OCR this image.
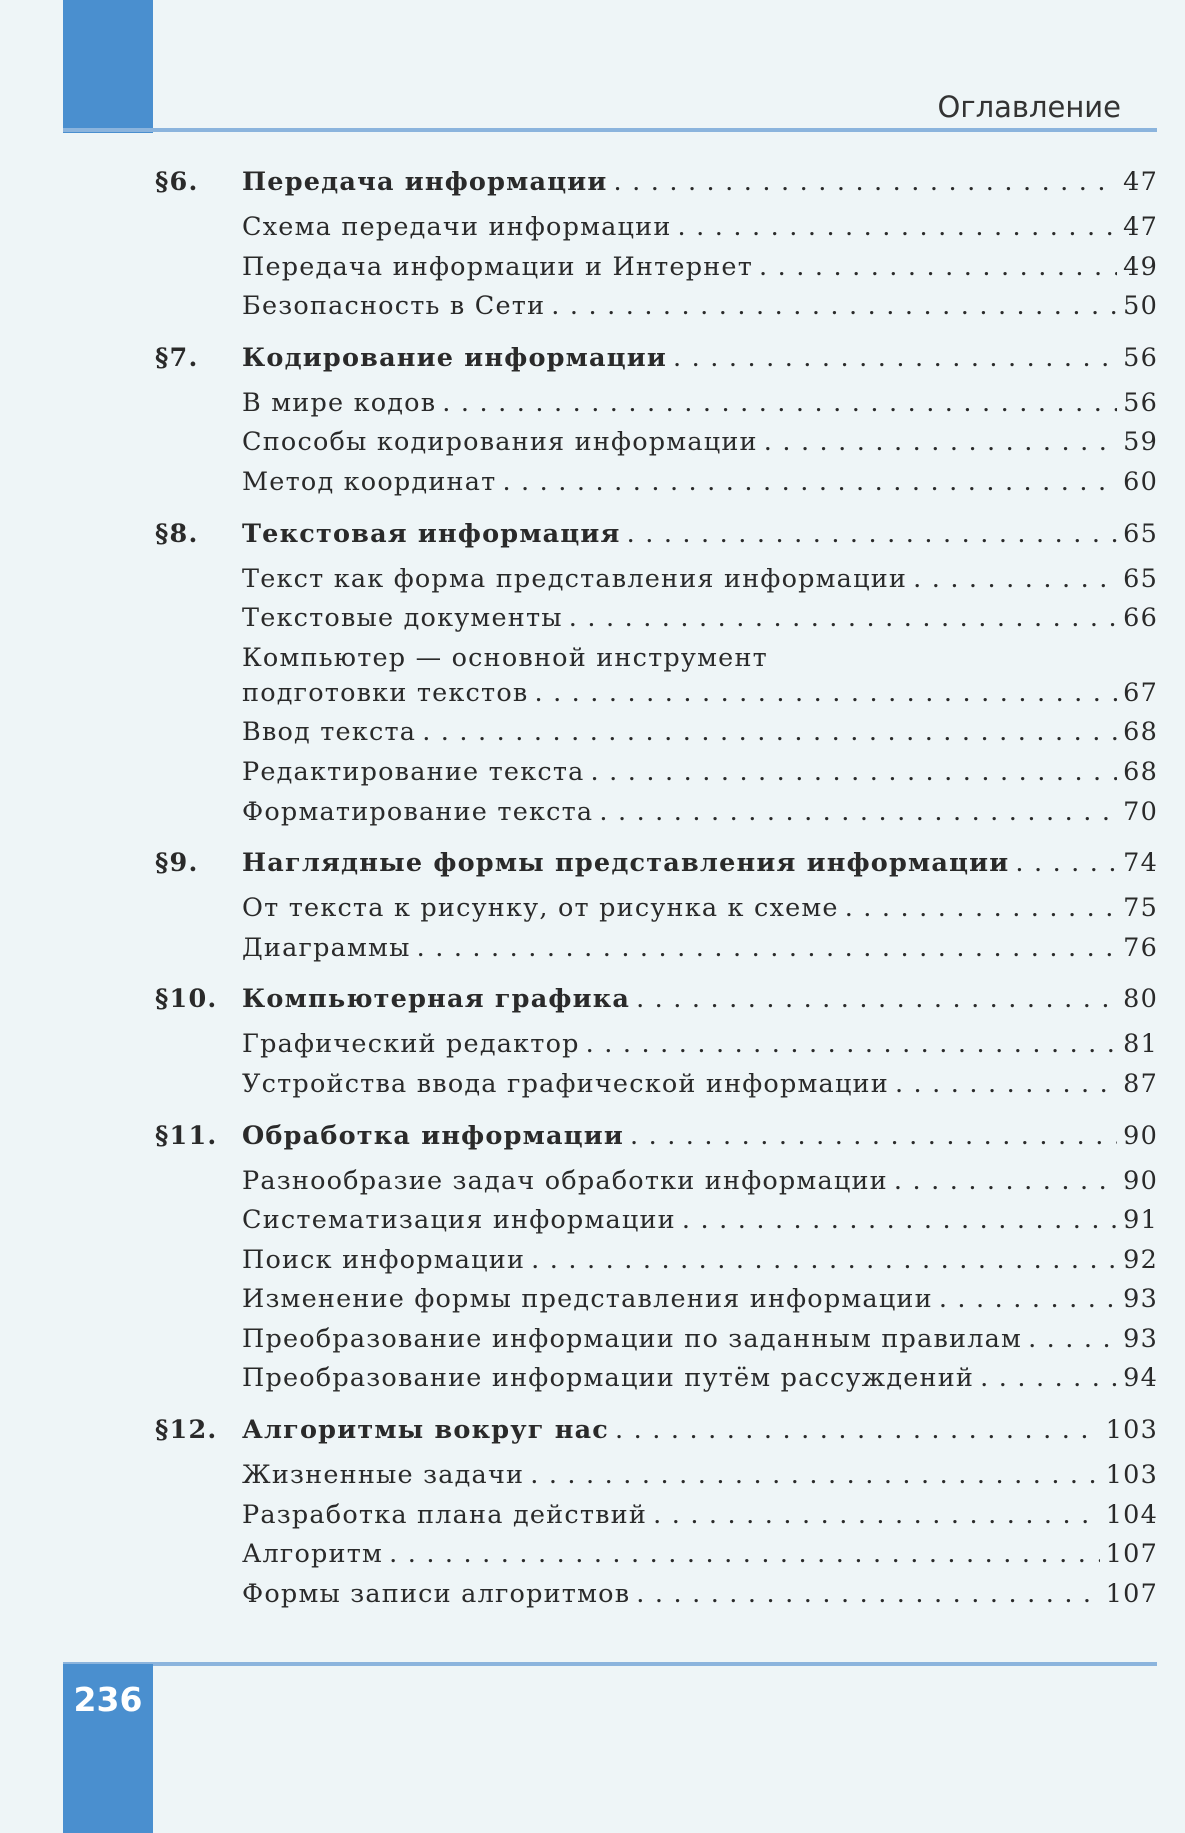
Оглавление
§6.	Передача информации . . .	47
Схема передачи информации . . .	47
Передача информации и Интернет . . .	49
Безопасность в Сети . . .	50
§7.	Кодирование информации . . .	56
В мире кодов . . .	56
Способы кодирования информации . . .	59
Метод координат . . .	60
§8.	Текстовая информация . . .	65
Текст как форма представления информации . . .	65
Текстовые документы . . .	66
Компьютер — основной инструмент
подготовки текстов . . .	67
Ввод текста . . .	68
Редактирование текста . . .	68
Форматирование текста . . .	70
§9.	Наглядные формы представления информации . . .	74
От текста к рисунку, от рисунка к схеме . . .	75
Диаграммы . . .	76
§10. Компьютерная графика . . .	80
Графический редактор . . .	81
Устройства ввода графической информации . . .	87
§11. Обработка информации . . .	90
Разнообразие задач обработки информации . . .	90
Систематизация информации . . .	91
Поиск информации . . .	92
Изменение формы представления информации . . .	93
Преобразование информации по заданным правилам . . .	93
Преобразование информации путём рассуждений . . .	94
§12. Алгоритмы вокруг нас . . .	103
Жизненные задачи . . .	103
Разработка плана действий . . .	104
Алгоритм . . .	107
Формы записи алгоритмов . . .	107
236
